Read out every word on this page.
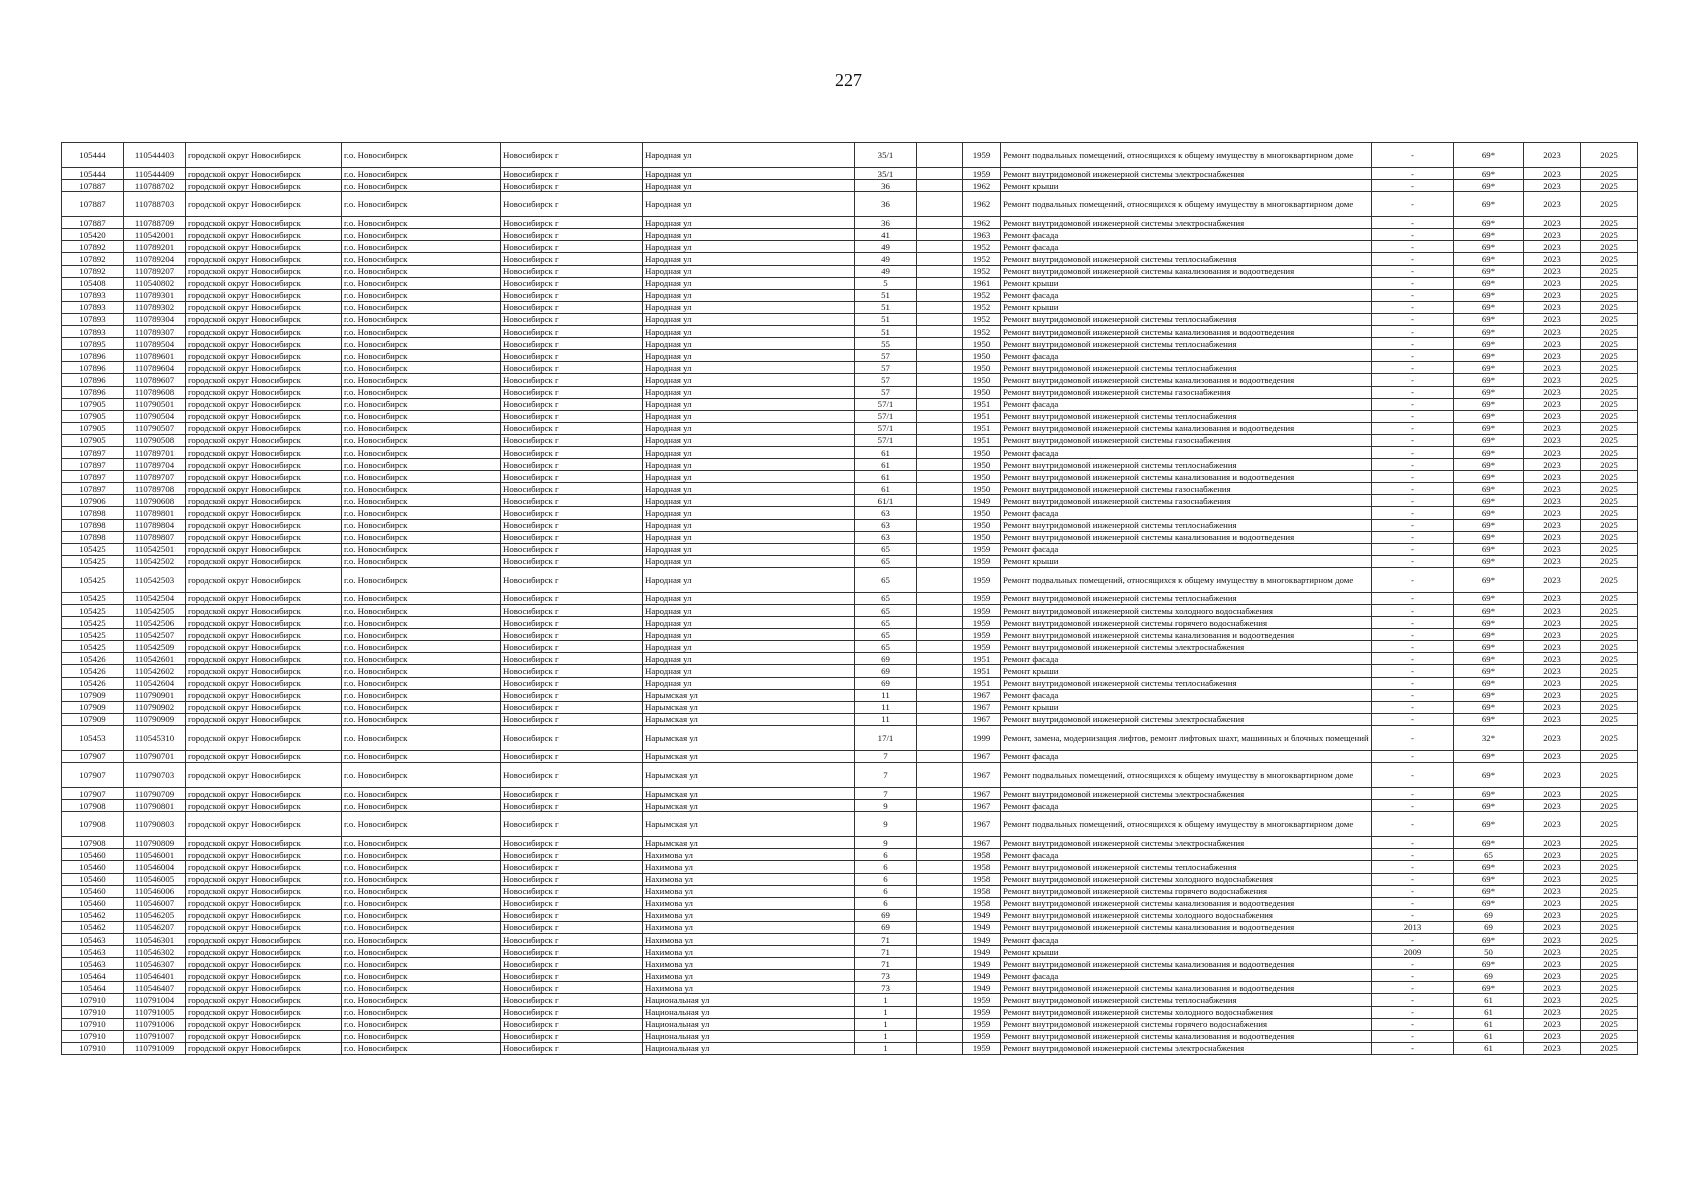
227
105444	110544403	городской округ Новосибирск	г.о. Новосибирск	Новосибирск г	Народная ул	35/1		1959	Ремонт подвальных помещений, относящихся к общему имуществу в многоквартирном доме	-	69*	2023	2025
105444	110544409	городской округ Новосибирск	г.о. Новосибирск	Новосибирск г	Народная ул	35/1		1959	Ремонт внутридомовой инженерной системы электроснабжения	-	69*	2023	2025
107887	110788702	городской округ Новосибирск	г.о. Новосибирск	Новосибирск г	Народная ул	36		1962	Ремонт крыши	-	69*	2023	2025
107887	110788703	городской округ Новосибирск	г.о. Новосибирск	Новосибирск г	Народная ул	36		1962	Ремонт подвальных помещений, относящихся к общему имуществу в многоквартирном доме	-	69*	2023	2025
107887	110788709	городской округ Новосибирск	г.о. Новосибирск	Новосибирск г	Народная ул	36		1962	Ремонт внутридомовой инженерной системы электроснабжения	-	69*	2023	2025
105420	110542001	городской округ Новосибирск	г.о. Новосибирск	Новосибирск г	Народная ул	41		1963	Ремонт фасада	-	69*	2023	2025
107892	110789201	городской округ Новосибирск	г.о. Новосибирск	Новосибирск г	Народная ул	49		1952	Ремонт фасада	-	69*	2023	2025
107892	110789204	городской округ Новосибирск	г.о. Новосибирск	Новосибирск г	Народная ул	49		1952	Ремонт внутридомовой инженерной системы теплоснабжения	-	69*	2023	2025
107892	110789207	городской округ Новосибирск	г.о. Новосибирск	Новосибирск г	Народная ул	49		1952	Ремонт внутридомовой инженерной системы канализования и водоотведения	-	69*	2023	2025
105408	110540802	городской округ Новосибирск	г.о. Новосибирск	Новосибирск г	Народная ул	5		1961	Ремонт крыши	-	69*	2023	2025
107893	110789301	городской округ Новосибирск	г.о. Новосибирск	Новосибирск г	Народная ул	51		1952	Ремонт фасада	-	69*	2023	2025
107893	110789302	городской округ Новосибирск	г.о. Новосибирск	Новосибирск г	Народная ул	51		1952	Ремонт крыши	-	69*	2023	2025
107893	110789304	городской округ Новосибирск	г.о. Новосибирск	Новосибирск г	Народная ул	51		1952	Ремонт внутридомовой инженерной системы теплоснабжения	-	69*	2023	2025
107893	110789307	городской округ Новосибирск	г.о. Новосибирск	Новосибирск г	Народная ул	51		1952	Ремонт внутридомовой инженерной системы канализования и водоотведения	-	69*	2023	2025
107895	110789504	городской округ Новосибирск	г.о. Новосибирск	Новосибирск г	Народная ул	55		1950	Ремонт внутридомовой инженерной системы теплоснабжения	-	69*	2023	2025
107896	110789601	городской округ Новосибирск	г.о. Новосибирск	Новосибирск г	Народная ул	57		1950	Ремонт фасада	-	69*	2023	2025
107896	110789604	городской округ Новосибирск	г.о. Новосибирск	Новосибирск г	Народная ул	57		1950	Ремонт внутридомовой инженерной системы теплоснабжения	-	69*	2023	2025
107896	110789607	городской округ Новосибирск	г.о. Новосибирск	Новосибирск г	Народная ул	57		1950	Ремонт внутридомовой инженерной системы канализования и водоотведения	-	69*	2023	2025
107896	110789608	городской округ Новосибирск	г.о. Новосибирск	Новосибирск г	Народная ул	57		1950	Ремонт внутридомовой инженерной системы газоснабжения	-	69*	2023	2025
107905	110790501	городской округ Новосибирск	г.о. Новосибирск	Новосибирск г	Народная ул	57/1		1951	Ремонт фасада	-	69*	2023	2025
107905	110790504	городской округ Новосибирск	г.о. Новосибирск	Новосибирск г	Народная ул	57/1		1951	Ремонт внутридомовой инженерной системы теплоснабжения	-	69*	2023	2025
107905	110790507	городской округ Новосибирск	г.о. Новосибирск	Новосибирск г	Народная ул	57/1		1951	Ремонт внутридомовой инженерной системы канализования и водоотведения	-	69*	2023	2025
107905	110790508	городской округ Новосибирск	г.о. Новосибирск	Новосибирск г	Народная ул	57/1		1951	Ремонт внутридомовой инженерной системы газоснабжения	-	69*	2023	2025
107897	110789701	городской округ Новосибирск	г.о. Новосибирск	Новосибирск г	Народная ул	61		1950	Ремонт фасада	-	69*	2023	2025
107897	110789704	городской округ Новосибирск	г.о. Новосибирск	Новосибирск г	Народная ул	61		1950	Ремонт внутридомовой инженерной системы теплоснабжения	-	69*	2023	2025
107897	110789707	городской округ Новосибирск	г.о. Новосибирск	Новосибирск г	Народная ул	61		1950	Ремонт внутридомовой инженерной системы канализования и водоотведения	-	69*	2023	2025
107897	110789708	городской округ Новосибирск	г.о. Новосибирск	Новосибирск г	Народная ул	61		1950	Ремонт внутридомовой инженерной системы газоснабжения	-	69*	2023	2025
107906	110790608	городской округ Новосибирск	г.о. Новосибирск	Новосибирск г	Народная ул	61/1		1949	Ремонт внутридомовой инженерной системы газоснабжения	-	69*	2023	2025
107898	110789801	городской округ Новосибирск	г.о. Новосибирск	Новосибирск г	Народная ул	63		1950	Ремонт фасада	-	69*	2023	2025
107898	110789804	городской округ Новосибирск	г.о. Новосибирск	Новосибирск г	Народная ул	63		1950	Ремонт внутридомовой инженерной системы теплоснабжения	-	69*	2023	2025
107898	110789807	городской округ Новосибирск	г.о. Новосибирск	Новосибирск г	Народная ул	63		1950	Ремонт внутридомовой инженерной системы канализования и водоотведения	-	69*	2023	2025
105425	110542501	городской округ Новосибирск	г.о. Новосибирск	Новосибирск г	Народная ул	65		1959	Ремонт фасада	-	69*	2023	2025
105425	110542502	городской округ Новосибирск	г.о. Новосибирск	Новосибирск г	Народная ул	65		1959	Ремонт крыши	-	69*	2023	2025
105425	110542503	городской округ Новосибирск	г.о. Новосибирск	Новосибирск г	Народная ул	65		1959	Ремонт подвальных помещений, относящихся к общему имуществу в многоквартирном доме	-	69*	2023	2025
105425	110542504	городской округ Новосибирск	г.о. Новосибирск	Новосибирск г	Народная ул	65		1959	Ремонт внутридомовой инженерной системы теплоснабжения	-	69*	2023	2025
105425	110542505	городской округ Новосибирск	г.о. Новосибирск	Новосибирск г	Народная ул	65		1959	Ремонт внутридомовой инженерной системы холодного водоснабжения	-	69*	2023	2025
105425	110542506	городской округ Новосибирск	г.о. Новосибирск	Новосибирск г	Народная ул	65		1959	Ремонт внутридомовой инженерной системы горячего водоснабжения	-	69*	2023	2025
105425	110542507	городской округ Новосибирск	г.о. Новосибирск	Новосибирск г	Народная ул	65		1959	Ремонт внутридомовой инженерной системы канализования и водоотведения	-	69*	2023	2025
105425	110542509	городской округ Новосибирск	г.о. Новосибирск	Новосибирск г	Народная ул	65		1959	Ремонт внутридомовой инженерной системы электроснабжения	-	69*	2023	2025
105426	110542601	городской округ Новосибирск	г.о. Новосибирск	Новосибирск г	Народная ул	69		1951	Ремонт фасада	-	69*	2023	2025
105426	110542602	городской округ Новосибирск	г.о. Новосибирск	Новосибирск г	Народная ул	69		1951	Ремонт крыши	-	69*	2023	2025
105426	110542604	городской округ Новосибирск	г.о. Новосибирск	Новосибирск г	Народная ул	69		1951	Ремонт внутридомовой инженерной системы теплоснабжения	-	69*	2023	2025
107909	110790901	городской округ Новосибирск	г.о. Новосибирск	Новосибирск г	Нарымская ул	11		1967	Ремонт фасада	-	69*	2023	2025
107909	110790902	городской округ Новосибирск	г.о. Новосибирск	Новосибирск г	Нарымская ул	11		1967	Ремонт крыши	-	69*	2023	2025
107909	110790909	городской округ Новосибирск	г.о. Новосибирск	Новосибирск г	Нарымская ул	11		1967	Ремонт внутридомовой инженерной системы электроснабжения	-	69*	2023	2025
105453	110545310	городской округ Новосибирск	г.о. Новосибирск	Новосибирск г	Нарымская ул	17/1		1999	Ремонт, замена, модернизация лифтов, ремонт лифтовых шахт, машинных и блочных помещений	-	32*	2023	2025
107907	110790701	городской округ Новосибирск	г.о. Новосибирск	Новосибирск г	Нарымская ул	7		1967	Ремонт фасада	-	69*	2023	2025
107907	110790703	городской округ Новосибирск	г.о. Новосибирск	Новосибирск г	Нарымская ул	7		1967	Ремонт подвальных помещений, относящихся к общему имуществу в многоквартирном доме	-	69*	2023	2025
107907	110790709	городской округ Новосибирск	г.о. Новосибирск	Новосибирск г	Нарымская ул	7		1967	Ремонт внутридомовой инженерной системы электроснабжения	-	69*	2023	2025
107908	110790801	городской округ Новосибирск	г.о. Новосибирск	Новосибирск г	Нарымская ул	9		1967	Ремонт фасада	-	69*	2023	2025
107908	110790803	городской округ Новосибирск	г.о. Новосибирск	Новосибирск г	Нарымская ул	9		1967	Ремонт подвальных помещений, относящихся к общему имуществу в многоквартирном доме	-	69*	2023	2025
107908	110790809	городской округ Новосибирск	г.о. Новосибирск	Новосибирск г	Нарымская ул	9		1967	Ремонт внутридомовой инженерной системы электроснабжения	-	69*	2023	2025
105460	110546001	городской округ Новосибирск	г.о. Новосибирск	Новосибирск г	Нахимова ул	6		1958	Ремонт фасада	-	65	2023	2025
105460	110546004	городской округ Новосибирск	г.о. Новосибирск	Новосибирск г	Нахимова ул	6		1958	Ремонт внутридомовой инженерной системы теплоснабжения	-	69*	2023	2025
105460	110546005	городской округ Новосибирск	г.о. Новосибирск	Новосибирск г	Нахимова ул	6		1958	Ремонт внутридомовой инженерной системы холодного водоснабжения	-	69*	2023	2025
105460	110546006	городской округ Новосибирск	г.о. Новосибирск	Новосибирск г	Нахимова ул	6		1958	Ремонт внутридомовой инженерной системы горячего водоснабжения	-	69*	2023	2025
105460	110546007	городской округ Новосибирск	г.о. Новосибирск	Новосибирск г	Нахимова ул	6		1958	Ремонт внутридомовой инженерной системы канализования и водоотведения	-	69*	2023	2025
105462	110546205	городской округ Новосибирск	г.о. Новосибирск	Новосибирск г	Нахимова ул	69		1949	Ремонт внутридомовой инженерной системы холодного водоснабжения	-	69	2023	2025
105462	110546207	городской округ Новосибирск	г.о. Новосибирск	Новосибирск г	Нахимова ул	69		1949	Ремонт внутридомовой инженерной системы канализования и водоотведения	2013	69	2023	2025
105463	110546301	городской округ Новосибирск	г.о. Новосибирск	Новосибирск г	Нахимова ул	71		1949	Ремонт фасада	-	69*	2023	2025
105463	110546302	городской округ Новосибирск	г.о. Новосибирск	Новосибирск г	Нахимова ул	71		1949	Ремонт крыши	2009	50	2023	2025
105463	110546307	городской округ Новосибирск	г.о. Новосибирск	Новосибирск г	Нахимова ул	71		1949	Ремонт внутридомовой инженерной системы канализования и водоотведения	-	69*	2023	2025
105464	110546401	городской округ Новосибирск	г.о. Новосибирск	Новосибирск г	Нахимова ул	73		1949	Ремонт фасада	-	69	2023	2025
105464	110546407	городской округ Новосибирск	г.о. Новосибирск	Новосибирск г	Нахимова ул	73		1949	Ремонт внутридомовой инженерной системы канализования и водоотведения	-	69*	2023	2025
107910	110791004	городской округ Новосибирск	г.о. Новосибирск	Новосибирск г	Национальная ул	1		1959	Ремонт внутридомовой инженерной системы теплоснабжения	-	61	2023	2025
107910	110791005	городской округ Новосибирск	г.о. Новосибирск	Новосибирск г	Национальная ул	1		1959	Ремонт внутридомовой инженерной системы холодного водоснабжения	-	61	2023	2025
107910	110791006	городской округ Новосибирск	г.о. Новосибирск	Новосибирск г	Национальная ул	1		1959	Ремонт внутридомовой инженерной системы горячего водоснабжения	-	61	2023	2025
107910	110791007	городской округ Новосибирск	г.о. Новосибирск	Новосибирск г	Национальная ул	1		1959	Ремонт внутридомовой инженерной системы канализования и водоотведения	-	61	2023	2025
107910	110791009	городской округ Новосибирск	г.о. Новосибирск	Новосибирск г	Национальная ул	1		1959	Ремонт внутридомовой инженерной системы электроснабжения	-	61	2023	2025
